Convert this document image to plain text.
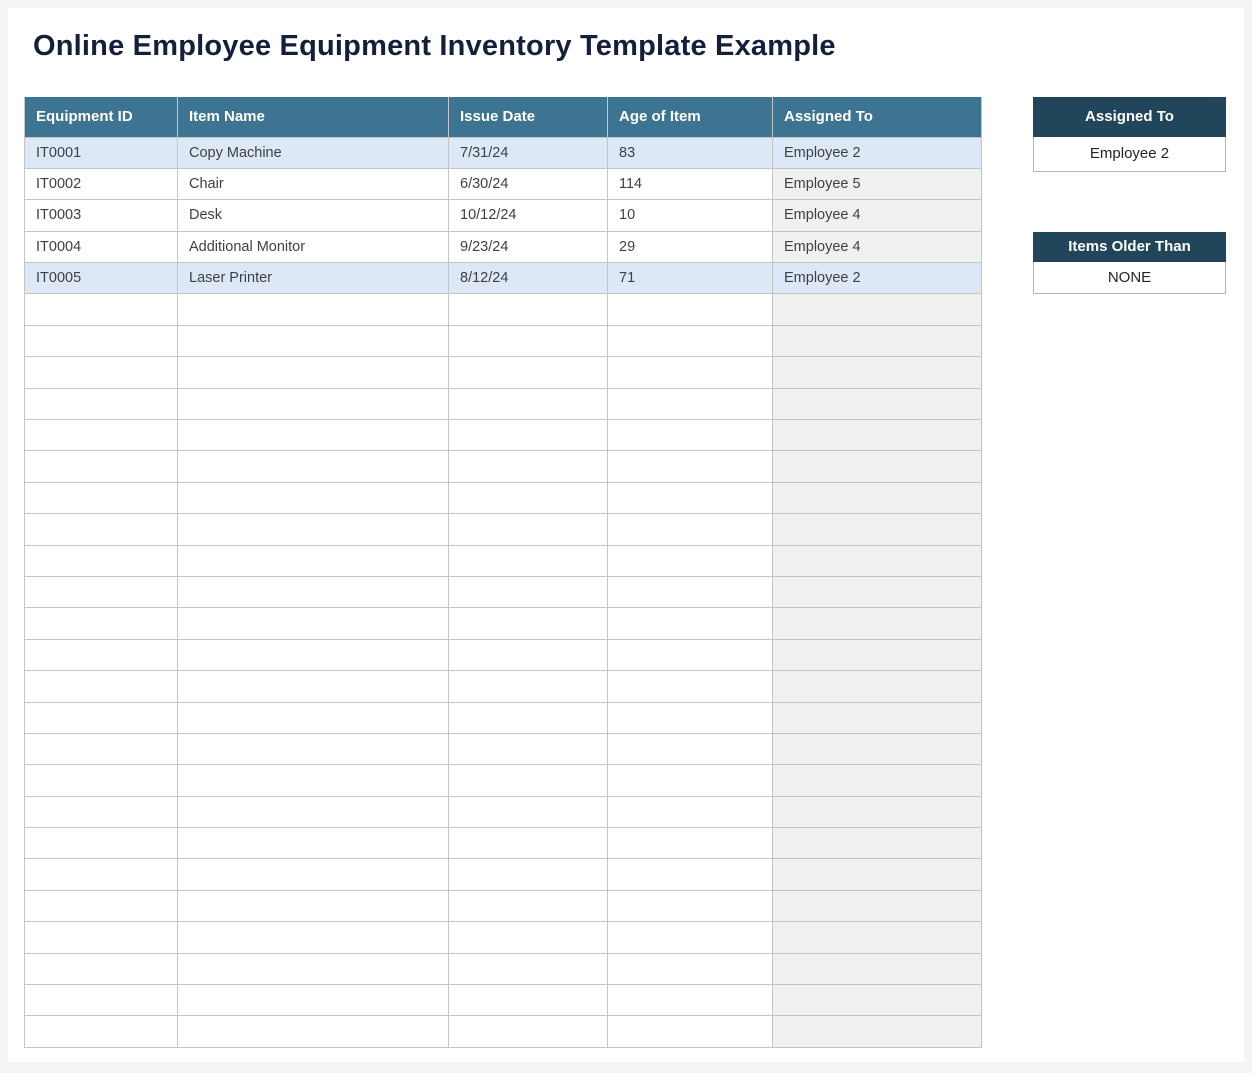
Online Employee Equipment Inventory Template Example
Equipment ID	Item Name	Issue Date	Age of Item	Assigned To
IT0001	Copy Machine	7/31/24	83	Employee 2
IT0002	Chair	6/30/24	114	Employee 5
IT0003	Desk	10/12/24	10	Employee 4
IT0004	Additional Monitor	9/23/24	29	Employee 4
IT0005	Laser Printer	8/12/24	71	Employee 2

Assigned To
Employee 2
Items Older Than
NONE
